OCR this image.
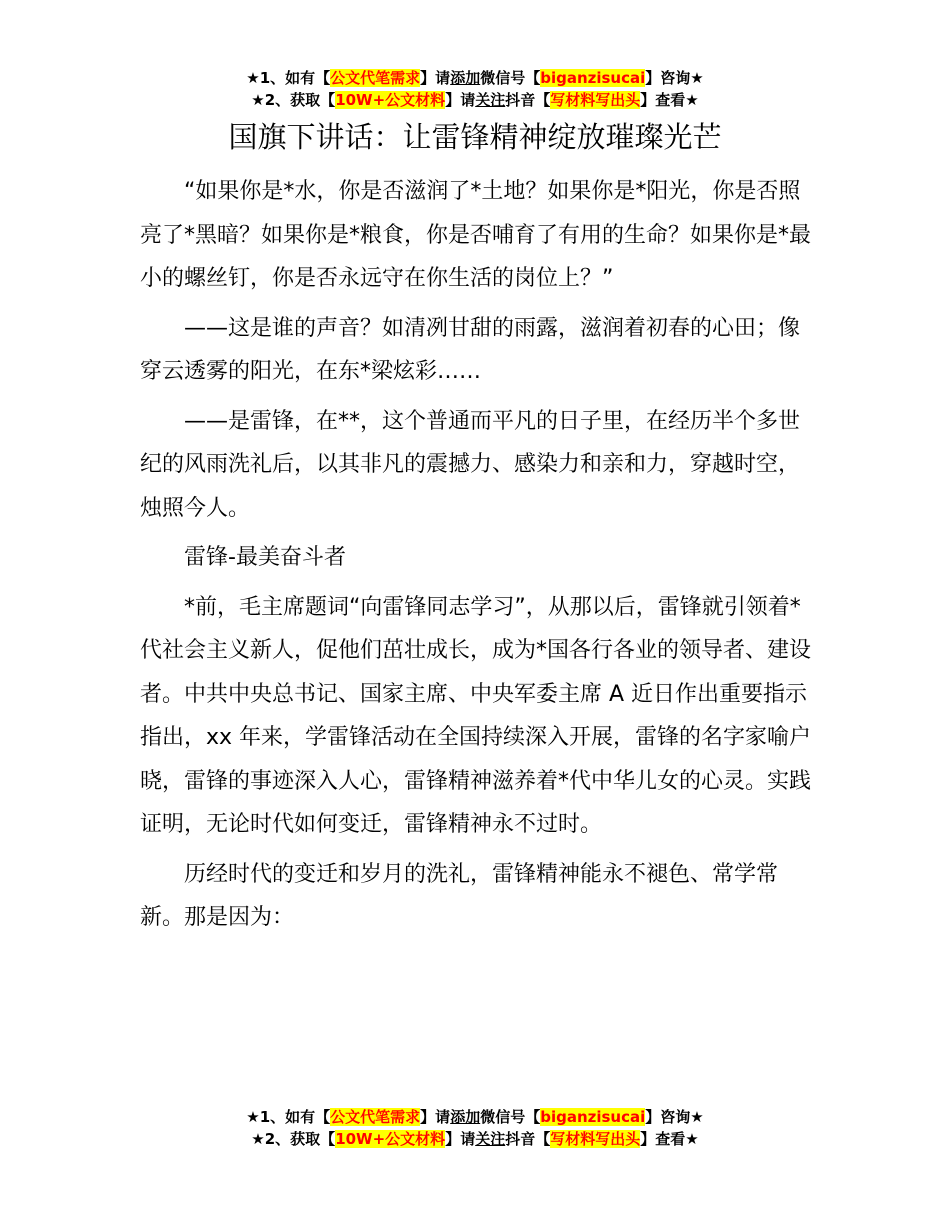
★1、如有【公文代笔需求】请添加微信号【biganzisucai】咨询★
★2、获取【10W+公文材料】请关注抖音【写材料写出头】查看★
国旗下讲话：让雷锋精神绽放璀璨光芒

“如果你是*水，你是否滋润了*土地？如果你是*阳光，你是否照亮了*黑暗？如果你是*粮食，你是否哺育了有用的生命？如果你是*最小的螺丝钉，你是否永远守在你生活的岗位上？”

——这是谁的声音？如清冽甘甜的雨露，滋润着初春的心田；像穿云透雾的阳光，在东*梁炫彩……

——是雷锋，在**，这个普通而平凡的日子里，在经历半个多世纪的风雨洗礼后，以其非凡的震撼力、感染力和亲和力，穿越时空，烛照今人。

雷锋-最美奋斗者

*前，毛主席题词“向雷锋同志学习”，从那以后，雷锋就引领着*代社会主义新人，促他们茁壮成长，成为*国各行各业的领导者、建设者。中共中央总书记、国家主席、中央军委主席 A 近日作出重要指示指出，xx 年来，学雷锋活动在全国持续深入开展，雷锋的名字家喻户晓，雷锋的事迹深入人心，雷锋精神滋养着*代中华儿女的心灵。实践证明，无论时代如何变迁，雷锋精神永不过时。

历经时代的变迁和岁月的洗礼，雷锋精神能永不褪色、常学常新。那是因为：

★1、如有【公文代笔需求】请添加微信号【biganzisucai】咨询★
★2、获取【10W+公文材料】请关注抖音【写材料写出头】查看★
